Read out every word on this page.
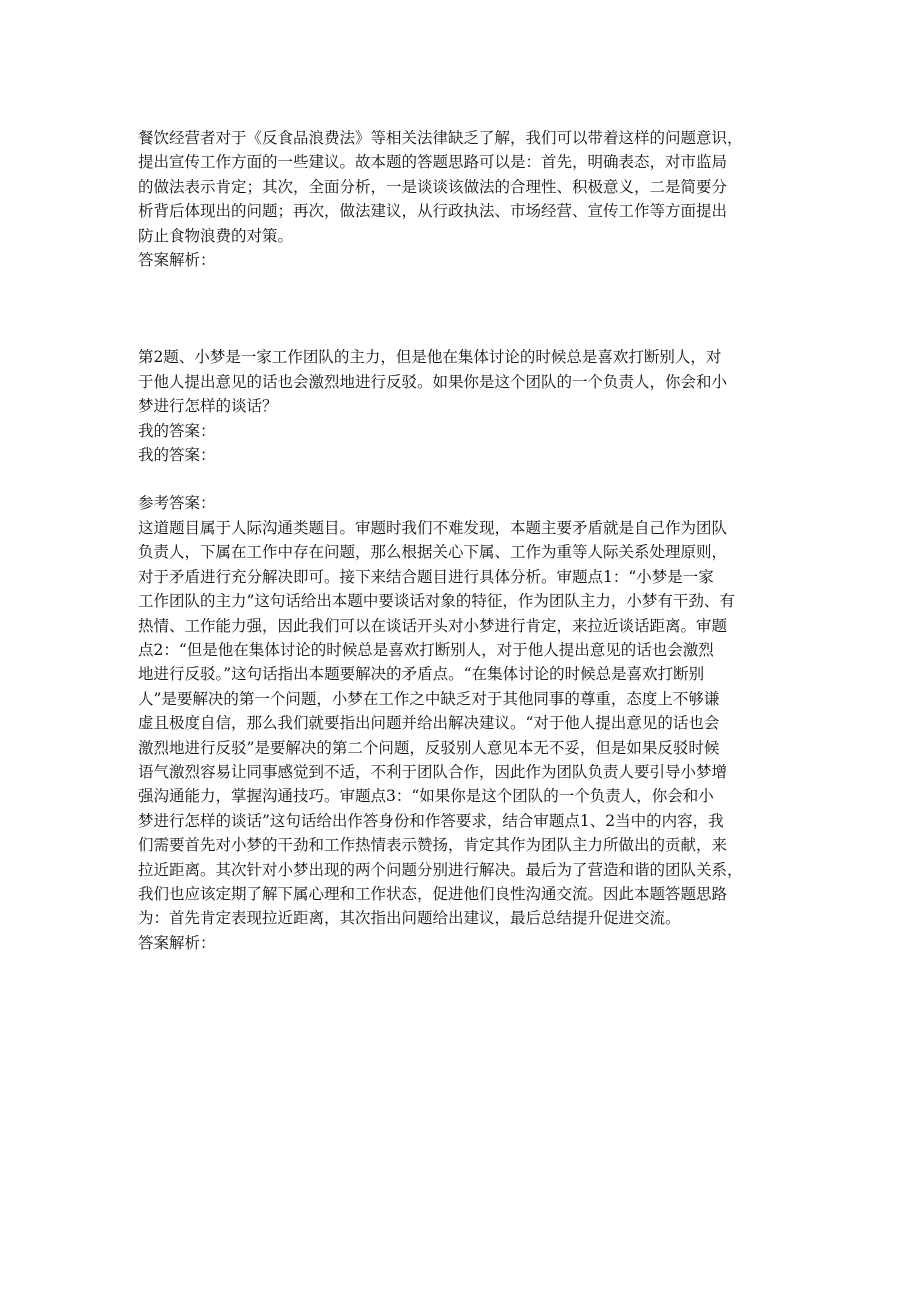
餐饮经营者对于《反食品浪费法》等相关法律缺乏了解，我们可以带着这样的问题意识，
提出宣传工作方面的一些建议。故本题的答题思路可以是：首先，明确表态，对市监局
的做法表示肯定；其次，全面分析，一是谈谈该做法的合理性、积极意义，二是简要分
析背后体现出的问题；再次，做法建议，从行政执法、市场经营、宣传工作等方面提出
防止食物浪费的对策。

答案解析：

第2题、小梦是一家工作团队的主力，但是他在集体讨论的时候总是喜欢打断别人，对
于他人提出意见的话也会激烈地进行反驳。如果你是这个团队的一个负责人，你会和小
梦进行怎样的谈话？

我的答案：

我的答案：

参考答案：

这道题目属于人际沟通类题目。审题时我们不难发现，本题主要矛盾就是自己作为团队
负责人，下属在工作中存在问题，那么根据关心下属、工作为重等人际关系处理原则，
对于矛盾进行充分解决即可。接下来结合题目进行具体分析。审题点1：“小梦是一家
工作团队的主力”这句话给出本题中要谈话对象的特征，作为团队主力，小梦有干劲、有
热情、工作能力强，因此我们可以在谈话开头对小梦进行肯定，来拉近谈话距离。审题
点2：“但是他在集体讨论的时候总是喜欢打断别人，对于他人提出意见的话也会激烈
地进行反驳。”这句话指出本题要解决的矛盾点。“在集体讨论的时候总是喜欢打断别
人”是要解决的第一个问题，小梦在工作之中缺乏对于其他同事的尊重，态度上不够谦
虚且极度自信，那么我们就要指出问题并给出解决建议。“对于他人提出意见的话也会
激烈地进行反驳”是要解决的第二个问题，反驳别人意见本无不妥，但是如果反驳时候
语气激烈容易让同事感觉到不适，不利于团队合作，因此作为团队负责人要引导小梦增
强沟通能力，掌握沟通技巧。审题点3：“如果你是这个团队的一个负责人，你会和小
梦进行怎样的谈话”这句话给出作答身份和作答要求，结合审题点1、2当中的内容，我
们需要首先对小梦的干劲和工作热情表示赞扬，肯定其作为团队主力所做出的贡献，来
拉近距离。其次针对小梦出现的两个问题分别进行解决。最后为了营造和谐的团队关系，
我们也应该定期了解下属心理和工作状态，促进他们良性沟通交流。因此本题答题思路
为：首先肯定表现拉近距离，其次指出问题给出建议，最后总结提升促进交流。

答案解析：
